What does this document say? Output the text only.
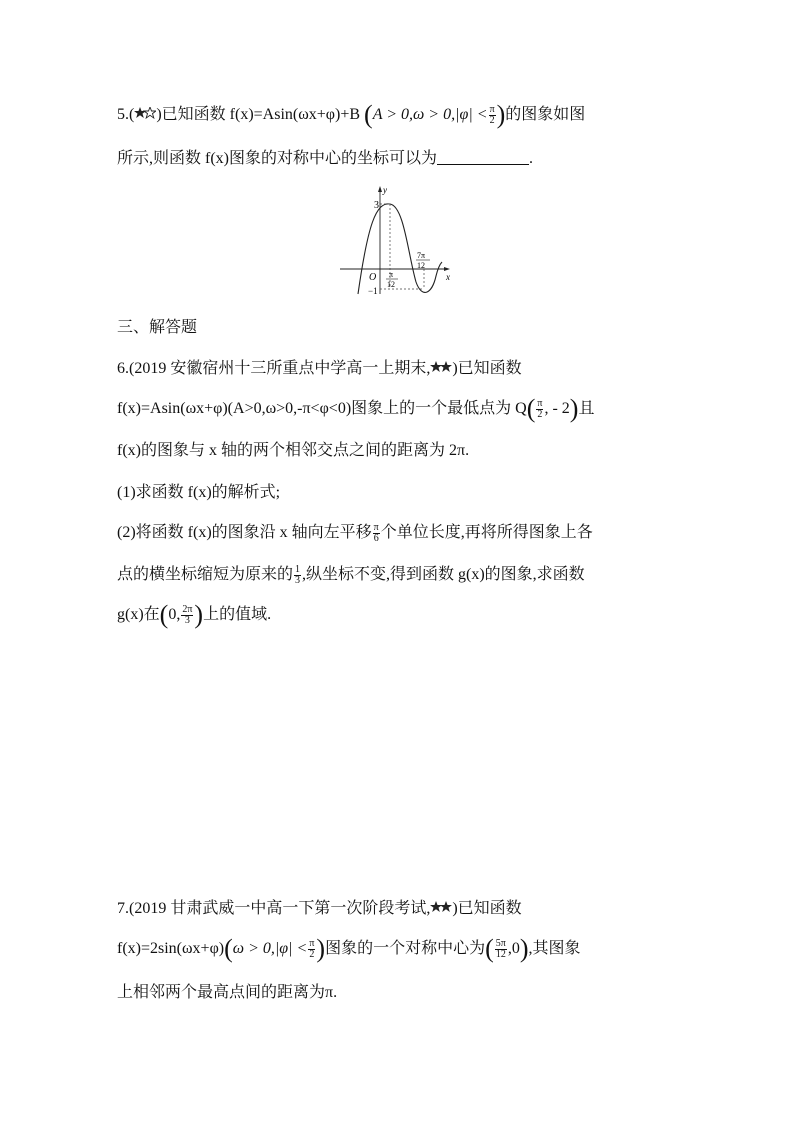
5.( )已知函数 f(x)=Asin(ωx+φ)+B ($A > 0,\omega > 0,|\varphi| < \frac{\pi}{2}$ )的图象如图
所示,则函数 f(x)图象的对称中心的坐标可以为	.
y
x
3
O
−1
π
12
7π
12
三、解答题
6.(2019 安徽宿州十三所重点中学高一上期末, )已知函数
f(x)=Asin(ωx+φ)(A>0,ω>0,-π<φ<0)图象上的一个最低点为 $Q( \frac{\pi}{2}$ , - 2)且
f(x)的图象与 x 轴的两个相邻交点之间的距离为 2π.
(1)求函数 f(x)的解析式;
(2)将函数 f(x)的图象沿 x 轴向左平移 $\frac{\pi}{6}$ 个单位长度,再将所得图象上各
点的横坐标缩短为原来的 $\frac{1}{3}$ ,纵坐标不变,得到函数 g(x)的图象,求函数
g(x)在(0, $\frac{2\pi}{3}$ )上的值域.
7.(2019 甘肃武威一中高一下第一次阶段考试, )已知函数
$f(x)=2\sin(\omega x+\varphi)(\omega > 0,|\varphi| < \frac{\pi}{2}$ )图象的一个对称中心为( $\frac{5\pi}{12} ,0$),其图象
上相邻两个最高点间的距离为π.
